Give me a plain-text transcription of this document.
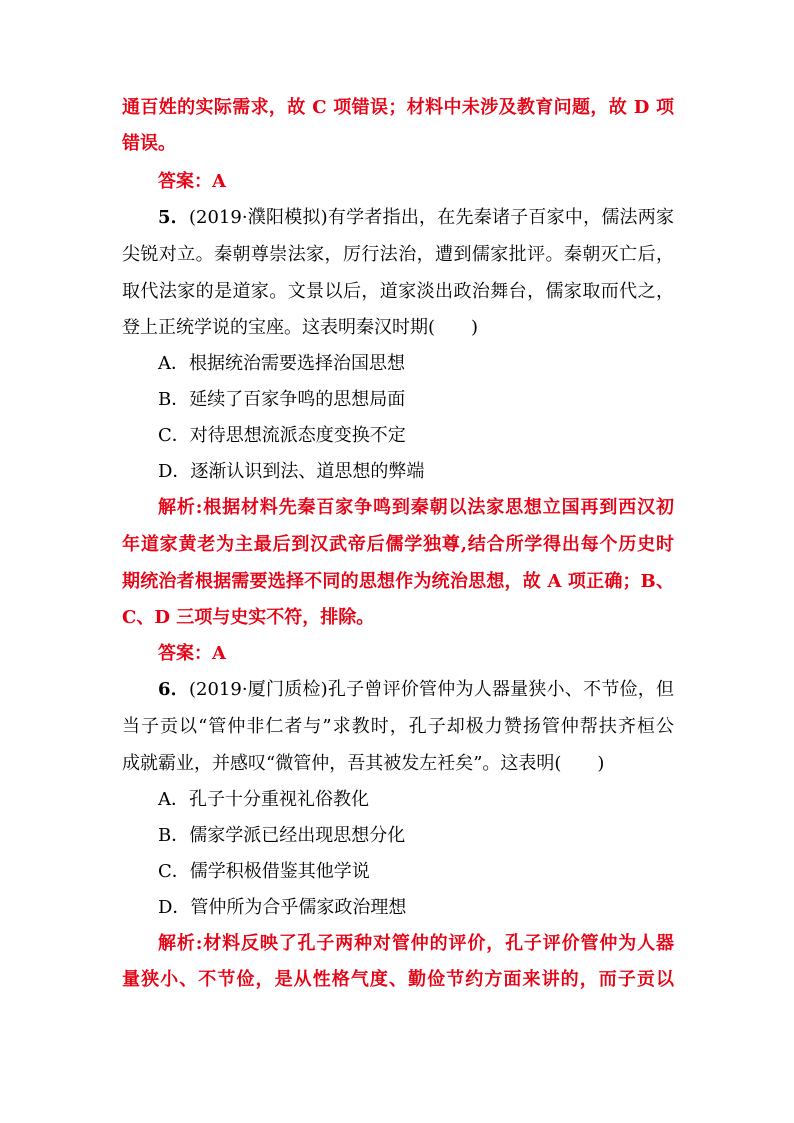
通百姓的实际需求，故 C 项错误；材料中未涉及教育问题，故 D 项
错误。
答案：A
5．(2019·濮阳模拟)有学者指出，在先秦诸子百家中，儒法两家
尖锐对立。秦朝尊崇法家，厉行法治，遭到儒家批评。秦朝灭亡后，
取代法家的是道家。文景以后，道家淡出政治舞台，儒家取而代之，
登上正统学说的宝座。这表明秦汉时期(　　)
A．根据统治需要选择治国思想
B．延续了百家争鸣的思想局面
C．对待思想流派态度变换不定
D．逐渐认识到法、道思想的弊端
解析:根据材料先秦百家争鸣到秦朝以法家思想立国再到西汉初
年道家黄老为主最后到汉武帝后儒学独尊,结合所学得出每个历史时
期统治者根据需要选择不同的思想作为统治思想，故 A 项正确；B、
C、D 三项与史实不符，排除。
答案：A
6．(2019·厦门质检)孔子曾评价管仲为人器量狭小、不节俭，但
当子贡以“管仲非仁者与”求教时，孔子却极力赞扬管仲帮扶齐桓公
成就霸业，并感叹“微管仲，吾其被发左衽矣”。这表明(　　)
A．孔子十分重视礼俗教化
B．儒家学派已经出现思想分化
C．儒学积极借鉴其他学说
D．管仲所为合乎儒家政治理想
解析:材料反映了孔子两种对管仲的评价，孔子评价管仲为人器
量狭小、不节俭，是从性格气度、勤俭节约方面来讲的，而子贡以
